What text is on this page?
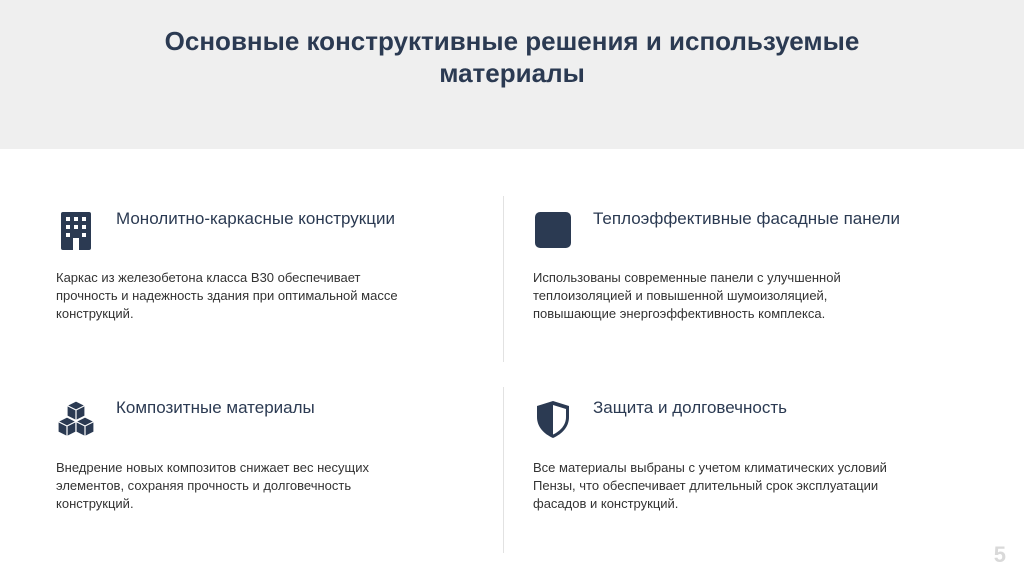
Основные конструктивные решения и используемые
материалы
Монолитно-каркасные конструкции
Каркас из железобетона класса В30 обеспечивает
прочность и надежность здания при оптимальной массе
конструкций.
Теплоэффективные фасадные панели
Использованы современные панели с улучшенной
теплоизоляцией и повышенной шумоизоляцией,
повышающие энергоэффективность комплекса.
Композитные материалы
Внедрение новых композитов снижает вес несущих
элементов, сохраняя прочность и долговечность
конструкций.
Защита и долговечность
Все материалы выбраны с учетом климатических условий
Пензы, что обеспечивает длительный срок эксплуатации
фасадов и конструкций.
5
